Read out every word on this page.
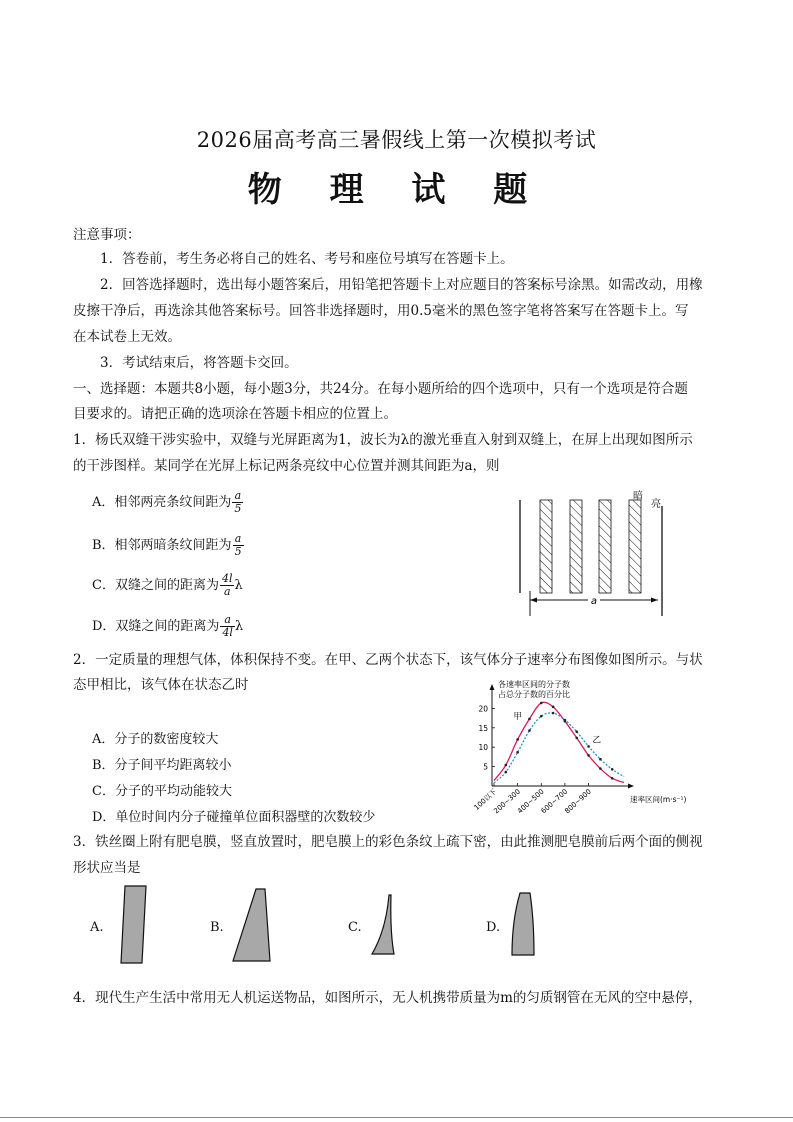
2026届高考高三暑假线上第一次模拟考试
物 理 试 题
注意事项：
1．答卷前，考生务必将自己的姓名、考号和座位号填写在答题卡上。
2．回答选择题时，选出每小题答案后，用铅笔把答题卡上对应题目的答案标号涂黑。如需改动，用橡
皮擦干净后，再选涂其他答案标号。回答非选择题时，用0.5毫米的黑色签字笔将答案写在答题卡上。写
在本试卷上无效。
3．考试结束后，将答题卡交回。
一、选择题：本题共8小题，每小题3分，共24分。在每小题所给的四个选项中，只有一个选项是符合题
目要求的。请把正确的选项涂在答题卡相应的位置上。
1．杨氏双缝干涉实验中，双缝与光屏距离为1，波长为λ的激光垂直入射到双缝上，在屏上出现如图所示
的干涉图样。某同学在光屏上标记两条亮纹中心位置并测其间距为a，则
A．相邻两亮条纹间距为 $\frac{a}{5}$
B．相邻两暗条纹间距为 $\frac{a}{5}$
C．双缝之间的距离为 $\frac{4l}{a}$ λ
D．双缝之间的距离为 $\frac{a}{4l}$ λ
a
暗
亮
2．一定质量的理想气体，体积保持不变。在甲、乙两个状态下，该气体分子速率分布图像如图所示。与状
态甲相比，该气体在状态乙时
A．分子的数密度较大
B．分子间平均距离较小
C．分子的平均动能较大
D．单位时间内分子碰撞单位面积器壁的次数较少
各速率区间的分子数
占总分子数的百分比
5
10
15
20
100以下
200~300
400~500
600~700
800~900
甲
乙
速率区间(m·s⁻¹)
3．铁丝圈上附有肥皂膜，竖直放置时，肥皂膜上的彩色条纹上疏下密，由此推测肥皂膜前后两个面的侧视
形状应当是
A.	B.	C.	D.
4．现代生产生活中常用无人机运送物品，如图所示，无人机携带质量为m的匀质钢管在无风的空中悬停，
